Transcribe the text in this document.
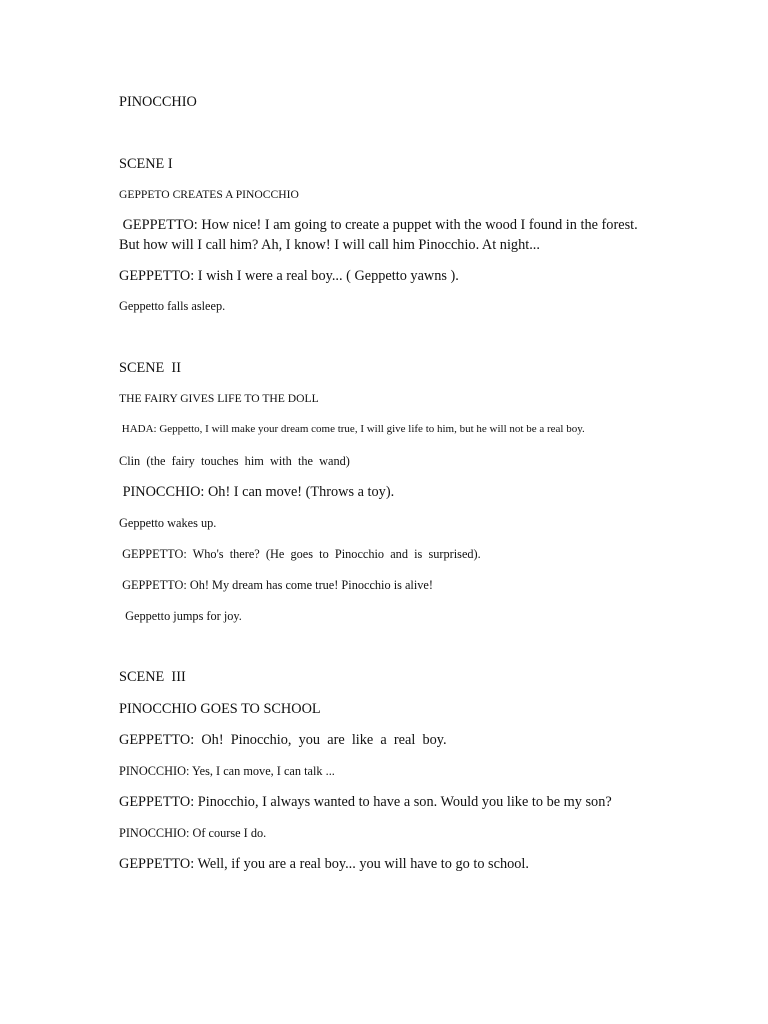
PINOCCHIO
SCENE I
GEPPETO CREATES A PINOCCHIO
GEPPETTO: How nice! I am going to create a puppet with the wood I found in the forest.
But how will I call him? Ah, I know! I will call him Pinocchio. At night...
GEPPETTO: I wish I were a real boy... ( Geppetto yawns ).
Geppetto falls asleep.
SCENE  II
THE FAIRY GIVES LIFE TO THE DOLL
HADA: Geppetto, I will make your dream come true, I will give life to him, but he will not be a real boy.
Clin  (the  fairy  touches  him  with  the  wand)
PINOCCHIO: Oh! I can move! (Throws a toy).
Geppetto wakes up.
GEPPETTO:  Who's  there?  (He  goes  to  Pinocchio  and  is  surprised).
GEPPETTO: Oh! My dream has come true! Pinocchio is alive!
Geppetto jumps for joy.
SCENE  III
PINOCCHIO GOES TO SCHOOL
GEPPETTO:  Oh!  Pinocchio,  you  are  like  a  real  boy.
PINOCCHIO: Yes, I can move, I can talk ...
GEPPETTO: Pinocchio, I always wanted to have a son. Would you like to be my son?
PINOCCHIO: Of course I do.
GEPPETTO: Well, if you are a real boy... you will have to go to school.
